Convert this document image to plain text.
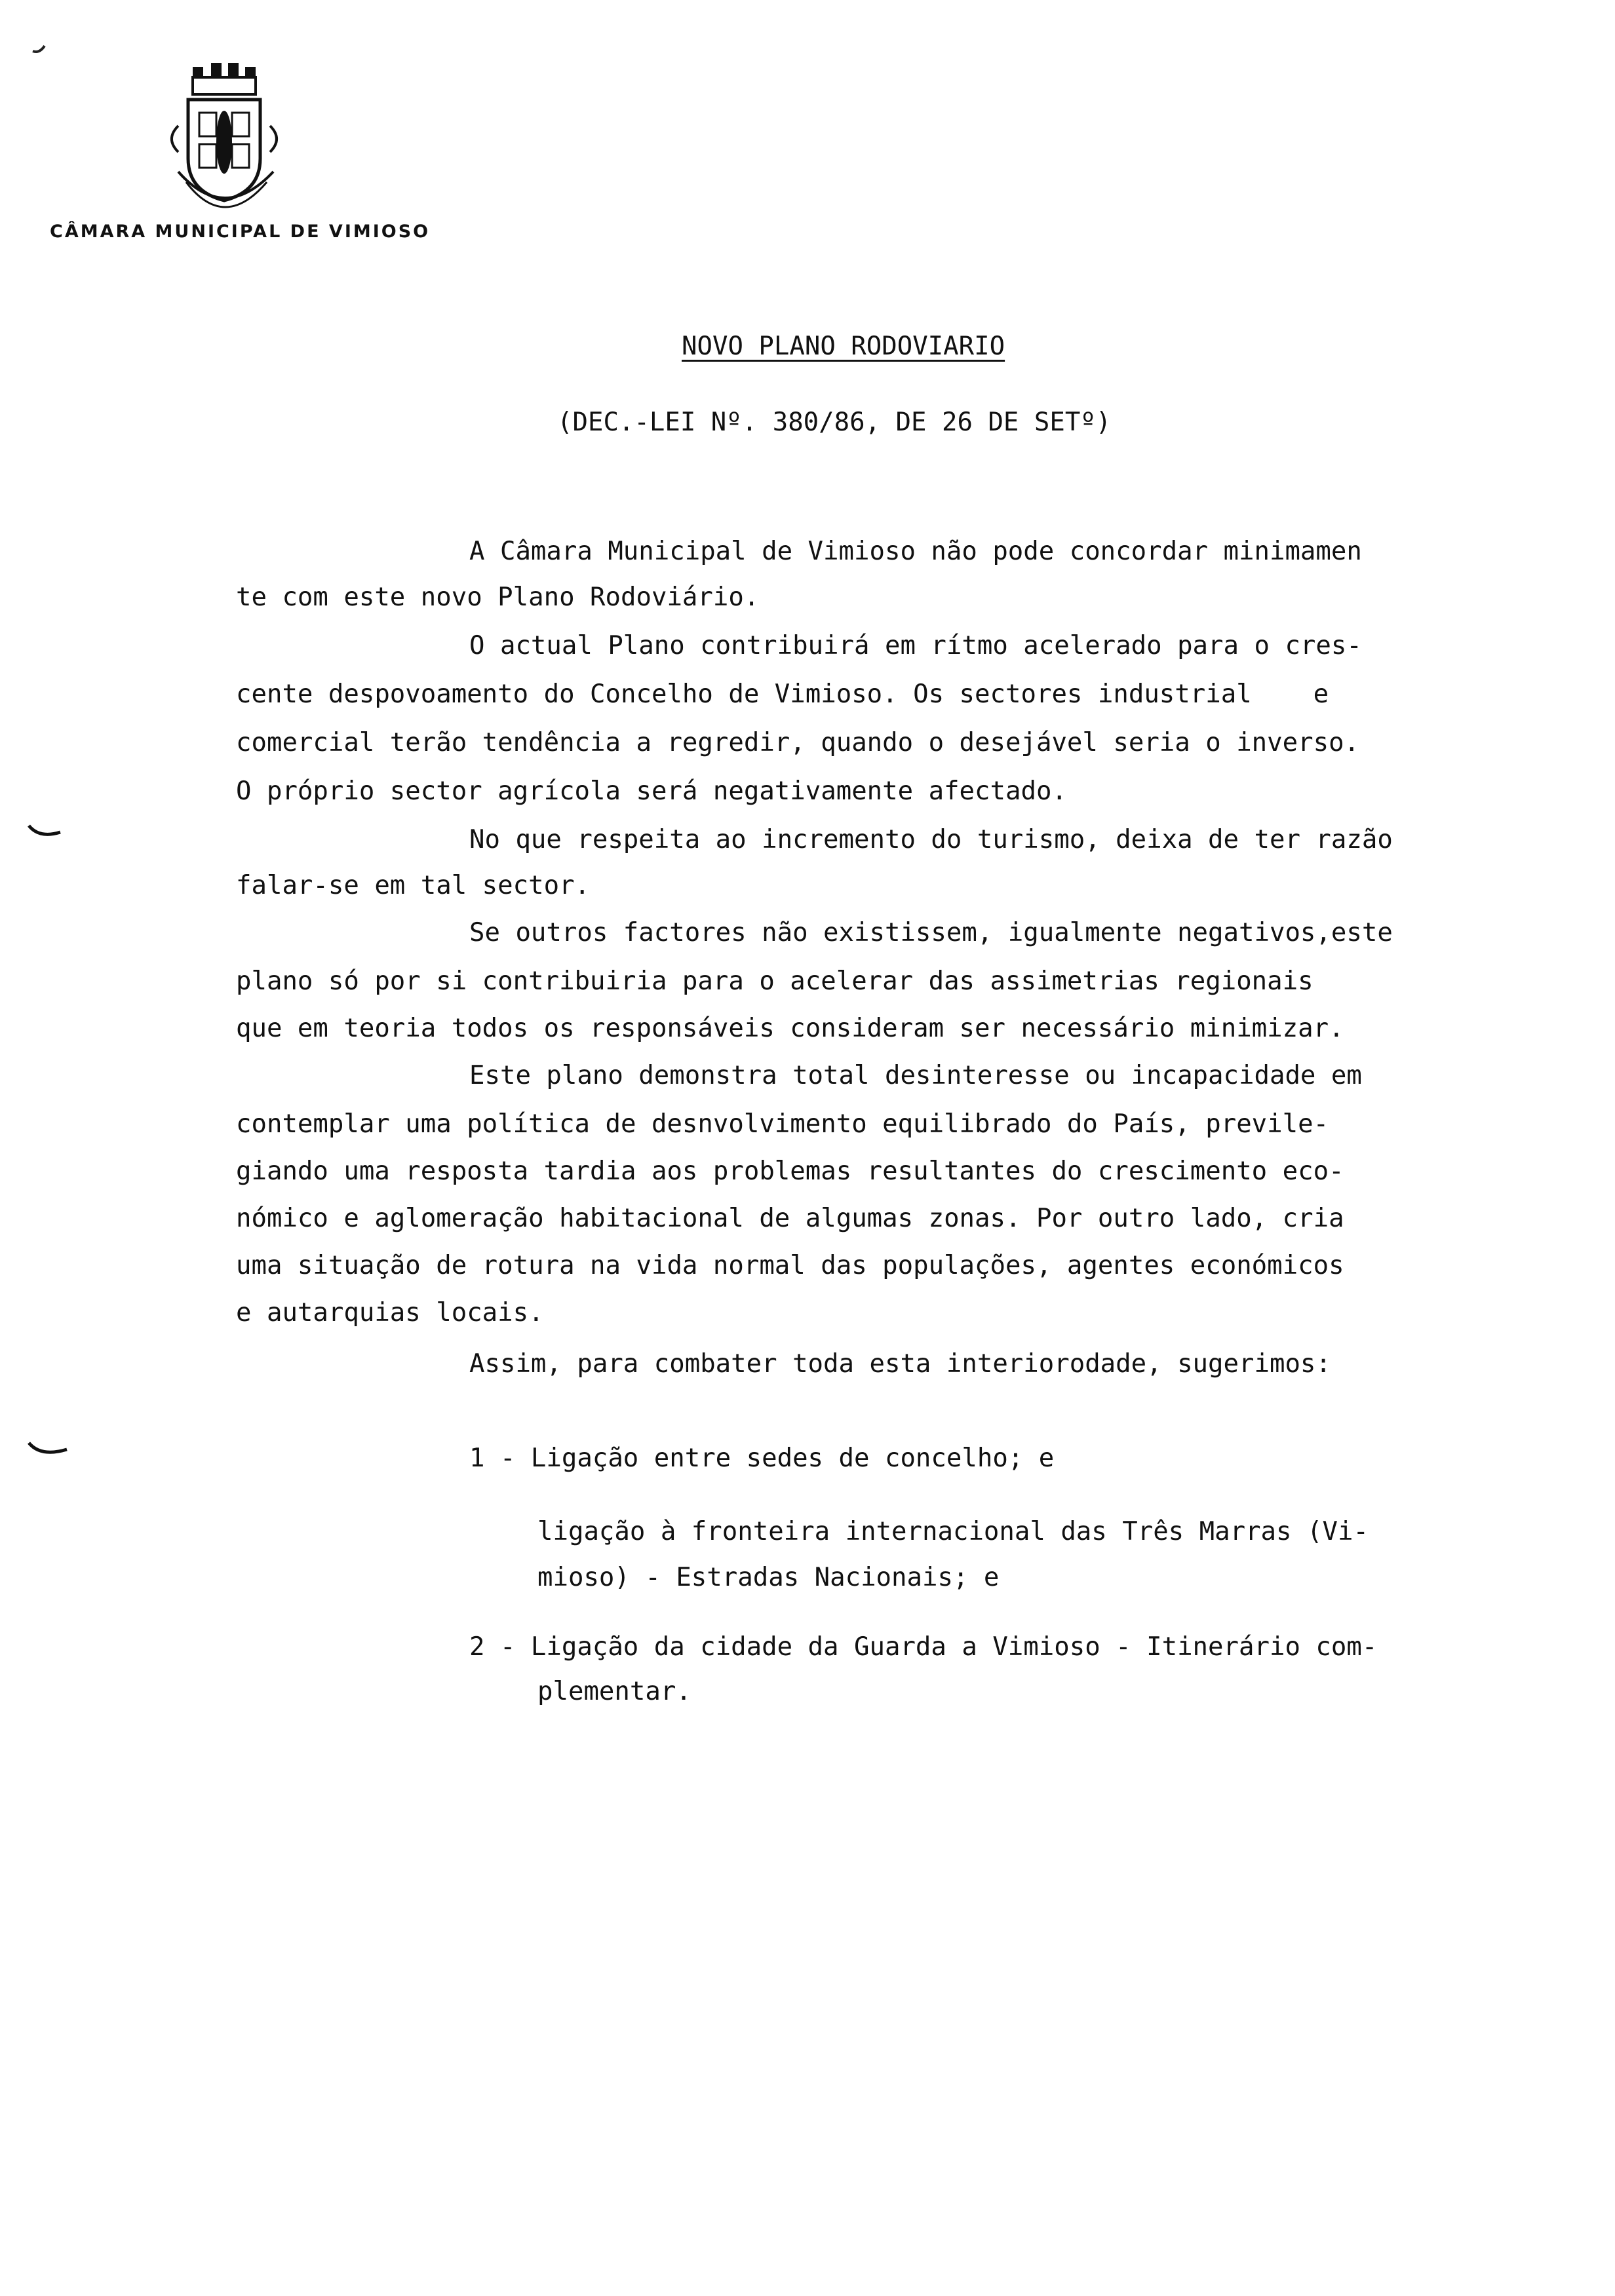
CÂMARA MUNICIPAL DE VIMIOSO
NOVO PLANO RODOVIARIO
(DEC.-LEI Nº. 380/86, DE 26 DE SETº)
A Câmara Municipal de Vimioso não pode concordar minimamen
te com este novo Plano Rodoviário.
O actual Plano contribuirá em rítmo acelerado para o cres-
cente despovoamento do Concelho de Vimioso. Os sectores industrial    e
comercial terão tendência a regredir, quando o desejável seria o inverso.
O próprio sector agrícola será negativamente afectado.
No que respeita ao incremento do turismo, deixa de ter razão
falar-se em tal sector.
Se outros factores não existissem, igualmente negativos,este
plano só por si contribuiria para o acelerar das assimetrias regionais
que em teoria todos os responsáveis consideram ser necessário minimizar.
Este plano demonstra total desinteresse ou incapacidade em
contemplar uma política de desnvolvimento equilibrado do País, previle-
giando uma resposta tardia aos problemas resultantes do crescimento eco-
nómico e aglomeração habitacional de algumas zonas. Por outro lado, cria
uma situação de rotura na vida normal das populações, agentes económicos
e autarquias locais.
Assim, para combater toda esta interiorodade, sugerimos:
1 - Ligação entre sedes de concelho; e
ligação à fronteira internacional das Três Marras (Vi-
mioso) - Estradas Nacionais; e
2 - Ligação da cidade da Guarda a Vimioso - Itinerário com-
plementar.
